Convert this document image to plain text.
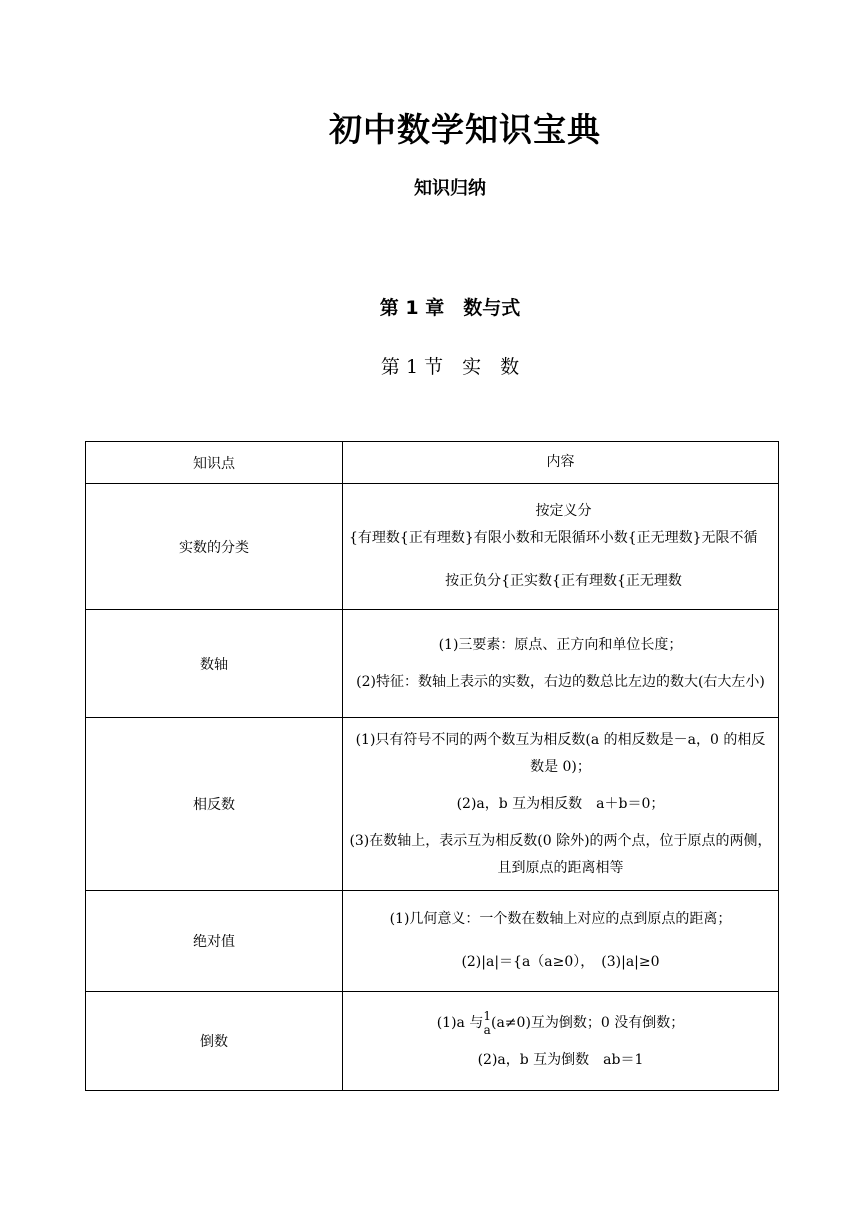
初中数学知识宝典
知识归纳
第 1 章　数与式
第 1 节　实　数
知识点	内容
实数的分类	按定义分

{有理数{正有理数}有限小数和无限循环小数{正无理数}无限不循

按正负分{正实数{正有理数{正无理数

数轴	(1)三要素：原点、正方向和单位长度；

(2)特征：数轴上表示的实数，右边的数总比左边的数大(右大左小)

相反数	(1)只有符号不同的两个数互为相反数(a 的相反数是－a，0 的相反数是 0)；

(2)a，b 互为相反数　a＋b＝0；

(3)在数轴上，表示互为相反数(0 除外)的两个点，位于原点的两侧，且到原点的距离相等

绝对值	(1)几何意义：一个数在数轴上对应的点到原点的距离；

(2)|a|＝{a（a≥0），　(3)|a|≥0

倒数	(1)a 与 1
a (a≠0)互为倒数；0 没有倒数；

(2)a，b 互为倒数　ab＝1
